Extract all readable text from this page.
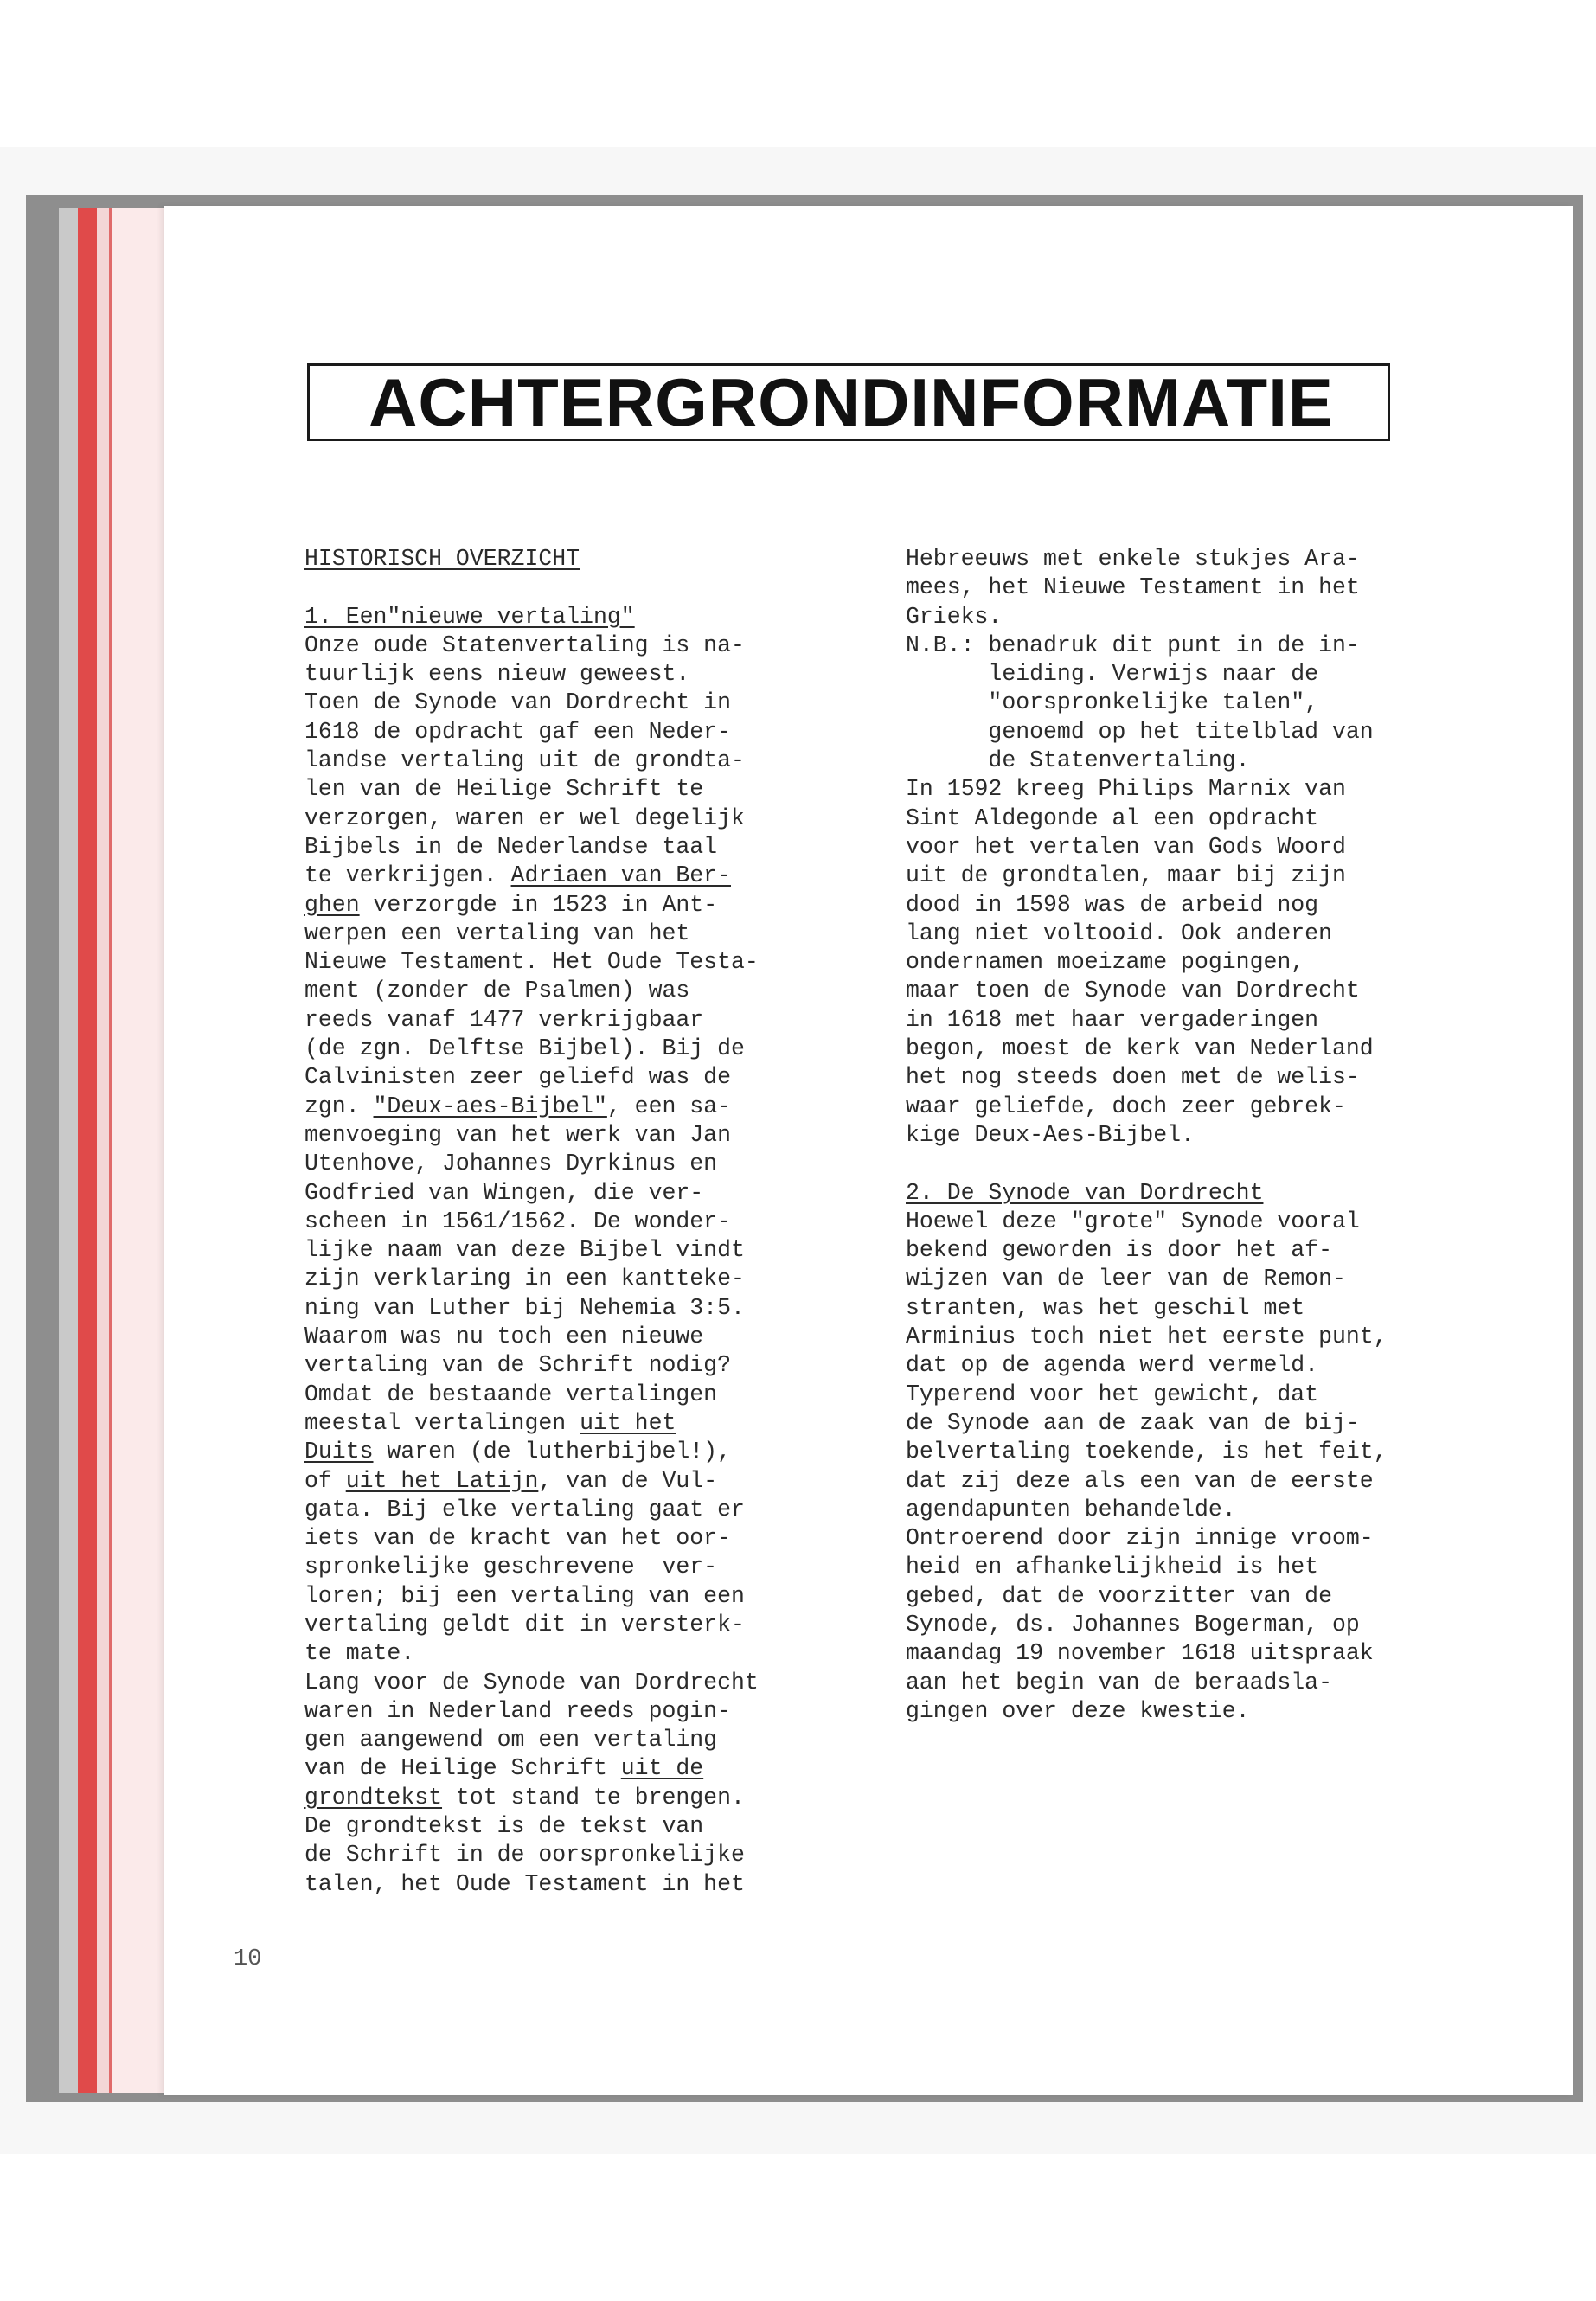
ACHTERGRONDINFORMATIE
HISTORISCH OVERZICHT
1. Een"nieuwe vertaling"
Onze oude Statenvertaling is na-
tuurlijk eens nieuw geweest.
Toen de Synode van Dordrecht in
1618 de opdracht gaf een Neder-
landse vertaling uit de grondta-
len van de Heilige Schrift te
verzorgen, waren er wel degelijk
Bijbels in de Nederlandse taal
te verkrijgen. Adriaen van Ber-
ghen verzorgde in 1523 in Ant-
werpen een vertaling van het
Nieuwe Testament. Het Oude Testa-
ment (zonder de Psalmen) was
reeds vanaf 1477 verkrijgbaar
(de zgn. Delftse Bijbel). Bij de
Calvinisten zeer geliefd was de
zgn. "Deux-aes-Bijbel", een sa-
menvoeging van het werk van Jan
Utenhove, Johannes Dyrkinus en
Godfried van Wingen, die ver-
scheen in 1561/1562. De wonder-
lijke naam van deze Bijbel vindt
zijn verklaring in een kantteke-
ning van Luther bij Nehemia 3:5.
Waarom was nu toch een nieuwe
vertaling van de Schrift nodig?
Omdat de bestaande vertalingen
meestal vertalingen uit het
Duits waren (de lutherbijbel!),
of uit het Latijn, van de Vul-
gata. Bij elke vertaling gaat er
iets van de kracht van het oor-
spronkelijke geschrevene  ver-
loren; bij een vertaling van een
vertaling geldt dit in versterk-
te mate.
Lang voor de Synode van Dordrecht
waren in Nederland reeds pogin-
gen aangewend om een vertaling
van de Heilige Schrift uit de
grondtekst tot stand te brengen.
De grondtekst is de tekst van
de Schrift in de oorspronkelijke
talen, het Oude Testament in het
Hebreeuws met enkele stukjes Ara-
mees, het Nieuwe Testament in het
Grieks.
N.B.: benadruk dit punt in de in-
leiding. Verwijs naar de
"oorspronkelijke talen",
genoemd op het titelblad van
de Statenvertaling.
In 1592 kreeg Philips Marnix van
Sint Aldegonde al een opdracht
voor het vertalen van Gods Woord
uit de grondtalen, maar bij zijn
dood in 1598 was de arbeid nog
lang niet voltooid. Ook anderen
ondernamen moeizame pogingen,
maar toen de Synode van Dordrecht
in 1618 met haar vergaderingen
begon, moest de kerk van Nederland
het nog steeds doen met de welis-
waar geliefde, doch zeer gebrek-
kige Deux-Aes-Bijbel.
2. De Synode van Dordrecht
Hoewel deze "grote" Synode vooral
bekend geworden is door het af-
wijzen van de leer van de Remon-
stranten, was het geschil met
Arminius toch niet het eerste punt,
dat op de agenda werd vermeld.
Typerend voor het gewicht, dat
de Synode aan de zaak van de bij-
belvertaling toekende, is het feit,
dat zij deze als een van de eerste
agendapunten behandelde.
Ontroerend door zijn innige vroom-
heid en afhankelijkheid is het
gebed, dat de voorzitter van de
Synode, ds. Johannes Bogerman, op
maandag 19 november 1618 uitspraak
aan het begin van de beraadsla-
gingen over deze kwestie.
10
